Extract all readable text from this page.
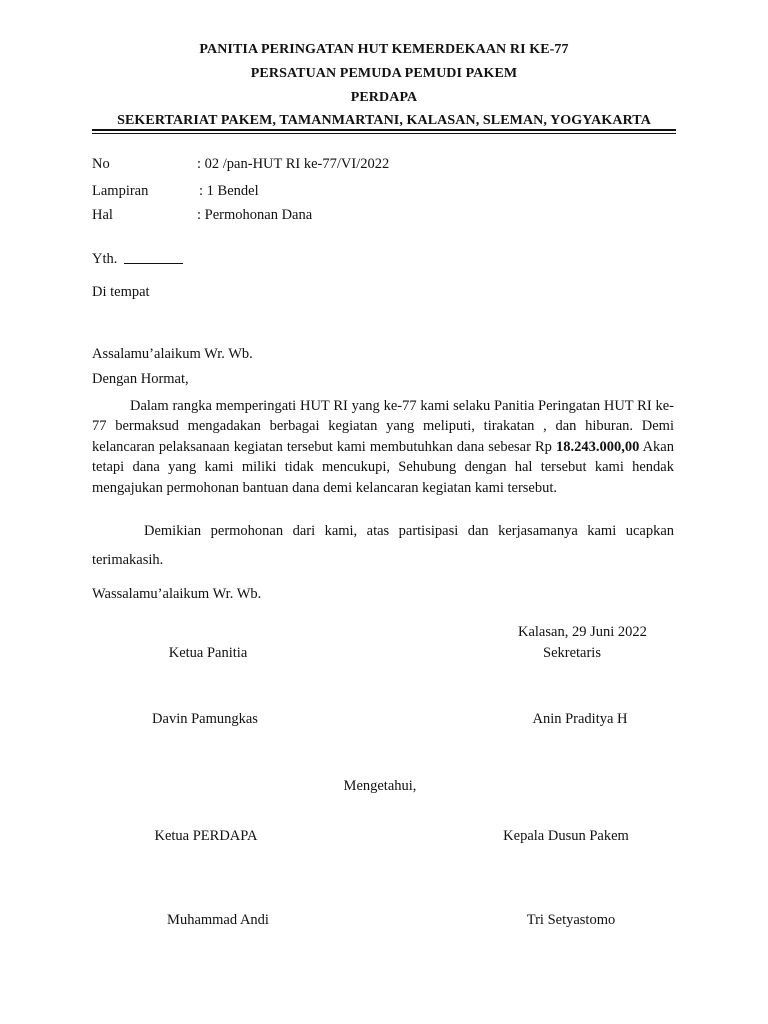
PANITIA PERINGATAN HUT KEMERDEKAAN RI KE-77
PERSATUAN PEMUDA PEMUDI PAKEM
PERDAPA
SEKERTARIAT PAKEM, TAMANMARTANI, KALASAN, SLEMAN, YOGYAKARTA
No	: 02 /pan-HUT RI ke-77/VI/2022
Lampiran	: 1 Bendel
Hal	: Permohonan Dana
Yth.
Di tempat
Assalamu’alaikum Wr. Wb.
Dengan Hormat,
Dalam rangka memperingati HUT RI yang ke-77 kami selaku Panitia Peringatan HUT RI ke-77 bermaksud mengadakan berbagai kegiatan yang meliputi, tirakatan , dan hiburan. Demi kelancaran pelaksanaan kegiatan tersebut kami membutuhkan dana sebesar Rp 18.243.000,00 Akan tetapi dana yang kami miliki tidak mencukupi, Sehubung dengan hal tersebut kami hendak mengajukan permohonan bantuan dana demi kelancaran kegiatan kami tersebut.
Demikian permohonan dari kami, atas partisipasi dan kerjasamanya kami ucapkan terimakasih.
Wassalamu’alaikum Wr. Wb.
Kalasan, 29 Juni 2022
Ketua Panitia	Sekretaris
Davin Pamungkas	Anin Praditya H
Mengetahui,
Ketua PERDAPA	Kepala Dusun Pakem
Muhammad Andi	Tri Setyastomo
